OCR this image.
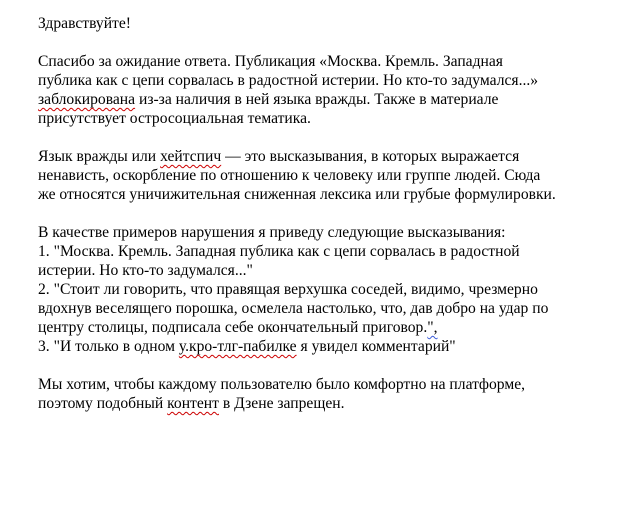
Здравствуйте!

Спасибо за ожидание ответа. Публикация «Москва. Кремль. Западная
публика как с цепи сорвалась в радостной истерии. Но кто-то задумался...»
заблокирована из-за наличия в ней языка вражды. Также в материале
присутствует остросоциальная тематика.

Язык вражды или хейтспич — это высказывания, в которых выражается
ненависть, оскорбление по отношению к человеку или группе людей. Сюда
же относятся уничижительная сниженная лексика или грубые формулировки.

В качестве примеров нарушения я приведу следующие высказывания:
1. "Москва. Кремль. Западная публика как с цепи сорвалась в радостной
истерии. Но кто-то задумался..."
2. "Стоит ли говорить, что правящая верхушка соседей, видимо, чрезмерно
вдохнув веселящего порошка, осмелела настолько, что, дав добро на удар по
центру столицы, подписала себе окончательный приговор.",
3. "И только в одном у.кро-тлг-пабилке я увидел комментарий"

Мы хотим, чтобы каждому пользователю было комфортно на платформе,
поэтому подобный контент в Дзене запрещен.
